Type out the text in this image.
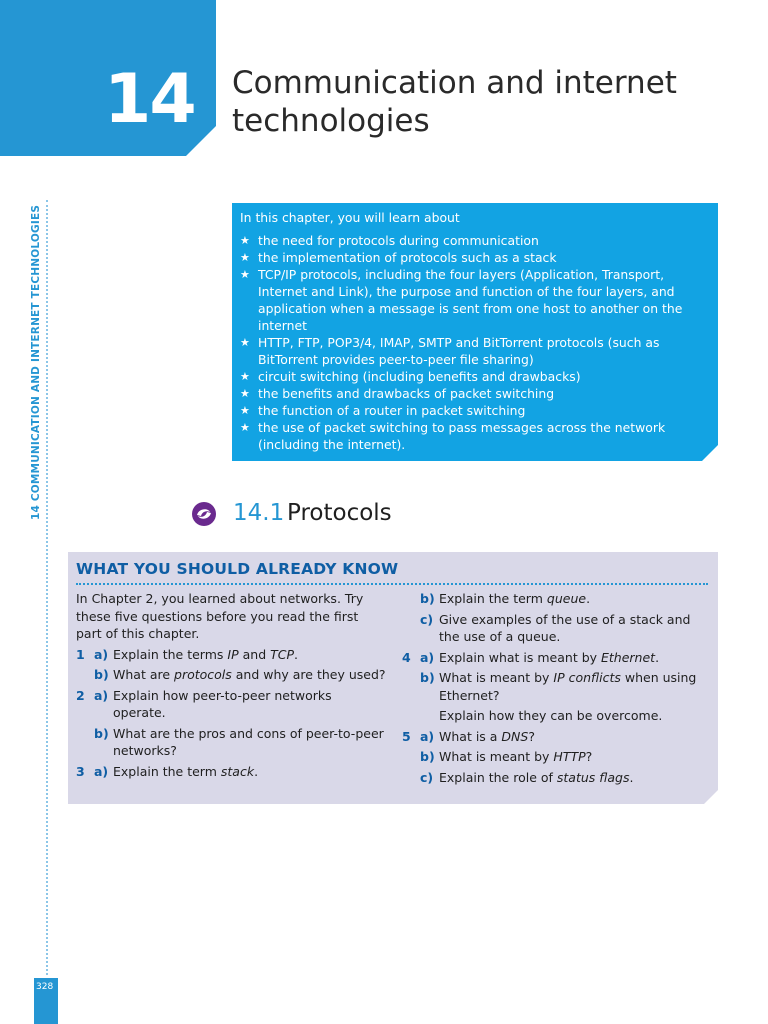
14 Communication and internet
technologies
14 COMMUNICATION AND INTERNET TECHNOLOGIES
328

In this chapter, you will learn about

★ the need for protocols during communication
★ the implementation of protocols such as a stack
★ TCP/IP protocols, including the four layers (Application, Transport, Internet and Link), the purpose and function of the four layers, and application when a message is sent from one host to another on the internet
★ HTTP, FTP, POP3/4, IMAP, SMTP and BitTorrent protocols (such as BitTorrent provides peer-to-peer file sharing)
★ circuit switching (including benefits and drawbacks)
★ the benefits and drawbacks of packet switching
★ the function of a router in packet switching
★ the use of packet switching to pass messages across the network (including the internet).
14.1 Protocols
WHAT YOU SHOULD ALREADY KNOW

In Chapter 2, you learned about networks. Try these five questions before you read the first part of this chapter.

1 a) Explain the terms IP and TCP.
b) What are protocols and why are they used?
2 a) Explain how peer-to-peer networks operate.
b) What are the pros and cons of peer-to-peer networks?
3 a) Explain the term stack.
b) Explain the term queue.
c) Give examples of the use of a stack and the use of a queue.
4 a) Explain what is meant by Ethernet.
b) What is meant by IP conflicts when using Ethernet?
Explain how they can be overcome.
5 a) What is a DNS?
b) What is meant by HTTP?
c) Explain the role of status flags.
